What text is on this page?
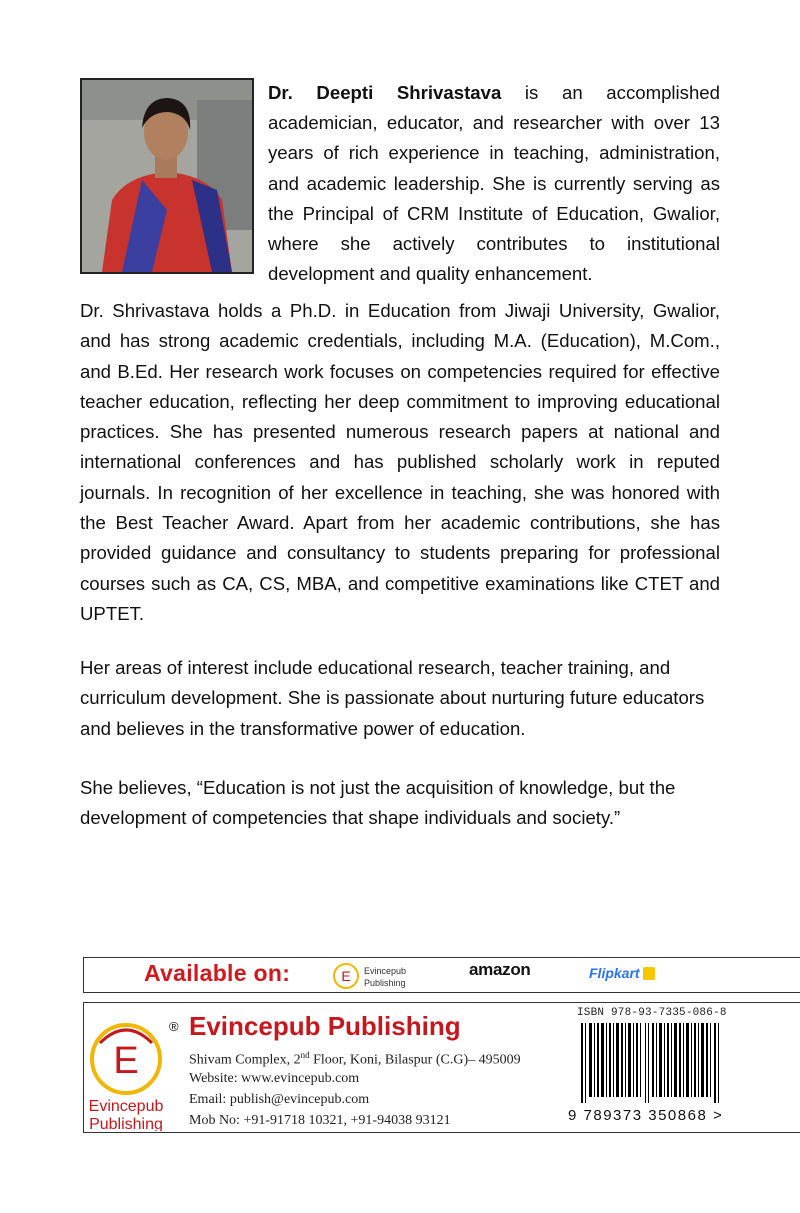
Dr. Deepti Shrivastava is an accomplished academician, educator, and researcher with over 13 years of rich experience in teaching, administration, and academic leadership. She is currently serving as the Principal of CRM Institute of Education, Gwalior, where she actively contributes to institutional development and quality enhancement.

Dr. Shrivastava holds a Ph.D. in Education from Jiwaji University, Gwalior, and has strong academic credentials, including M.A. (Education), M.Com., and B.Ed. Her research work focuses on competencies required for effective teacher education, reflecting her deep commitment to improving educational practices. She has presented numerous research papers at national and international conferences and has published scholarly work in reputed journals. In recognition of her excellence in teaching, she was honored with the Best Teacher Award. Apart from her academic contributions, she has provided guidance and consultancy to students preparing for professional courses such as CA, CS, MBA, and competitive examinations like CTET and UPTET.

Her areas of interest include educational research, teacher training, and curriculum development. She is passionate about nurturing future educators and believes in the transformative power of education.

She believes, “Education is not just the acquisition of knowledge, but the development of competencies that shape individuals and society.”

Available on:	E Evincepub
Publishing
amazon	Flipkart
E
®
Evincepub
Publishing
Evincepub Publishing
Shivam Complex, 2nd Floor, Koni, Bilaspur (C.G)– 495009
Website: www.evincepub.com
Email: publish@evincepub.com
Mob No: +91-91718 10321, +91-94038 93121
ISBN 978-93-7335-086-8
9 789373 350868 >
